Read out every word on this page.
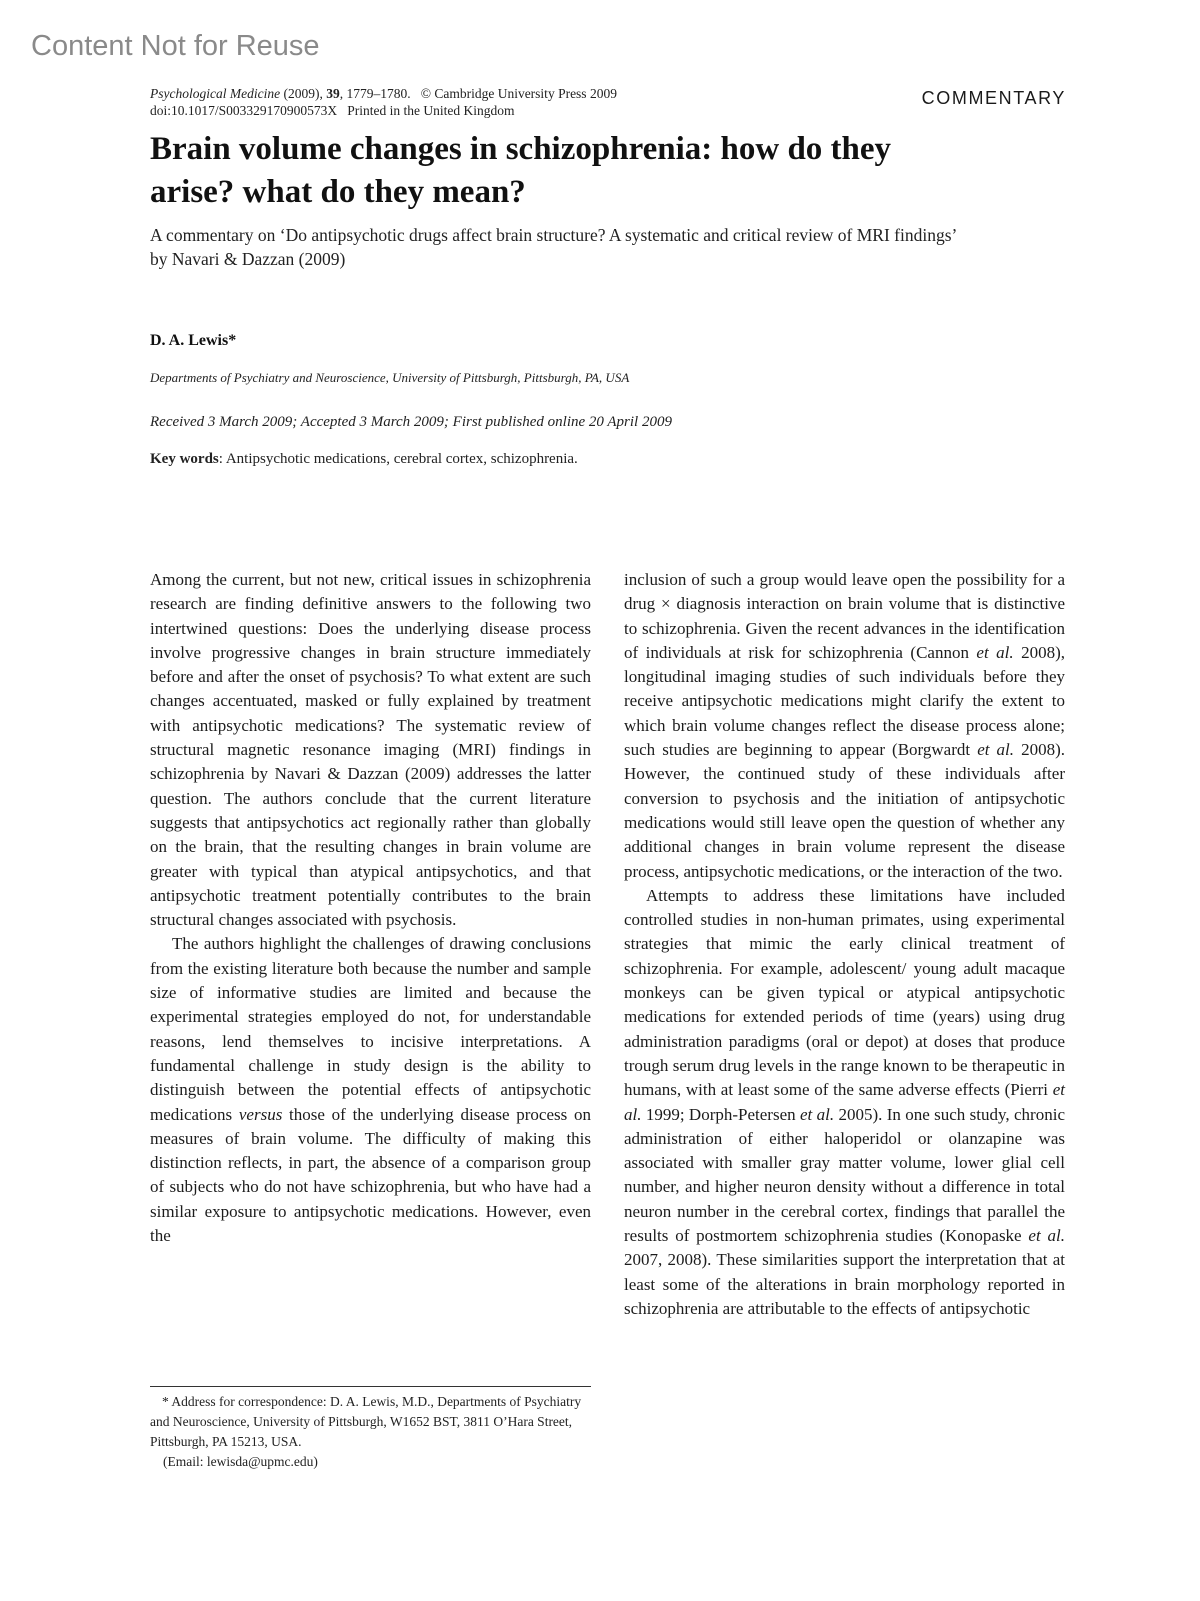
Content Not for Reuse
Psychological Medicine (2009), 39, 1779–1780. © Cambridge University Press 2009
doi:10.1017/S003329170900573X Printed in the United Kingdom
COMMENTARY
Brain volume changes in schizophrenia: how do they arise? what do they mean?

A commentary on ‘Do antipsychotic drugs affect brain structure? A systematic and critical review of MRI findings’ by Navari & Dazzan (2009)

D. A. Lewis*
Departments of Psychiatry and Neuroscience, University of Pittsburgh, Pittsburgh, PA, USA
Received 3 March 2009; Accepted 3 March 2009; First published online 20 April 2009
Key words: Antipsychotic medications, cerebral cortex, schizophrenia.

Among the current, but not new, critical issues in schizophrenia research are finding definitive answers to the following two intertwined questions: Does the underlying disease process involve progressive changes in brain structure immediately before and after the onset of psychosis? To what extent are such changes accentuated, masked or fully explained by treatment with antipsychotic medications? The systematic review of structural magnetic resonance imaging (MRI) findings in schizophrenia by Navari & Dazzan (2009) addresses the latter question. The authors conclude that the current literature suggests that antipsychotics act regionally rather than globally on the brain, that the resulting changes in brain volume are greater with typical than atypical antipsychotics, and that antipsychotic treatment potentially contributes to the brain structural changes associated with psychosis.

The authors highlight the challenges of drawing conclusions from the existing literature both because the number and sample size of informative studies are limited and because the experimental strategies employed do not, for understandable reasons, lend themselves to incisive interpretations. A fundamental challenge in study design is the ability to distinguish between the potential effects of antipsychotic medications versus those of the underlying disease process on measures of brain volume. The difficulty of making this distinction reflects, in part, the absence of a comparison group of subjects who do not have schizophrenia, but who have had a similar exposure to antipsychotic medications. However, even the

* Address for correspondence: D. A. Lewis, M.D., Departments of Psychiatry and Neuroscience, University of Pittsburgh, W1652 BST, 3811 O’Hara Street, Pittsburgh, PA 15213, USA.

(Email: lewisda@upmc.edu)

inclusion of such a group would leave open the possibility for a drug × diagnosis interaction on brain volume that is distinctive to schizophrenia. Given the recent advances in the identification of individuals at risk for schizophrenia (Cannon et al. 2008), longitudinal imaging studies of such individuals before they receive antipsychotic medications might clarify the extent to which brain volume changes reflect the disease process alone; such studies are beginning to appear (Borgwardt et al. 2008). However, the continued study of these individuals after conversion to psychosis and the initiation of antipsychotic medications would still leave open the question of whether any additional changes in brain volume represent the disease process, antipsychotic medications, or the interaction of the two.

Attempts to address these limitations have included controlled studies in non-human primates, using experimental strategies that mimic the early clinical treatment of schizophrenia. For example, adolescent/ young adult macaque monkeys can be given typical or atypical antipsychotic medications for extended periods of time (years) using drug administration paradigms (oral or depot) at doses that produce trough serum drug levels in the range known to be therapeutic in humans, with at least some of the same adverse effects (Pierri et al. 1999; Dorph-Petersen et al. 2005). In one such study, chronic administration of either haloperidol or olanzapine was associated with smaller gray matter volume, lower glial cell number, and higher neuron density without a difference in total neuron number in the cerebral cortex, findings that parallel the results of postmortem schizophrenia studies (Konopaske et al. 2007, 2008). These similarities support the interpretation that at least some of the alterations in brain morphology reported in schizophrenia are attributable to the effects of antipsychotic
